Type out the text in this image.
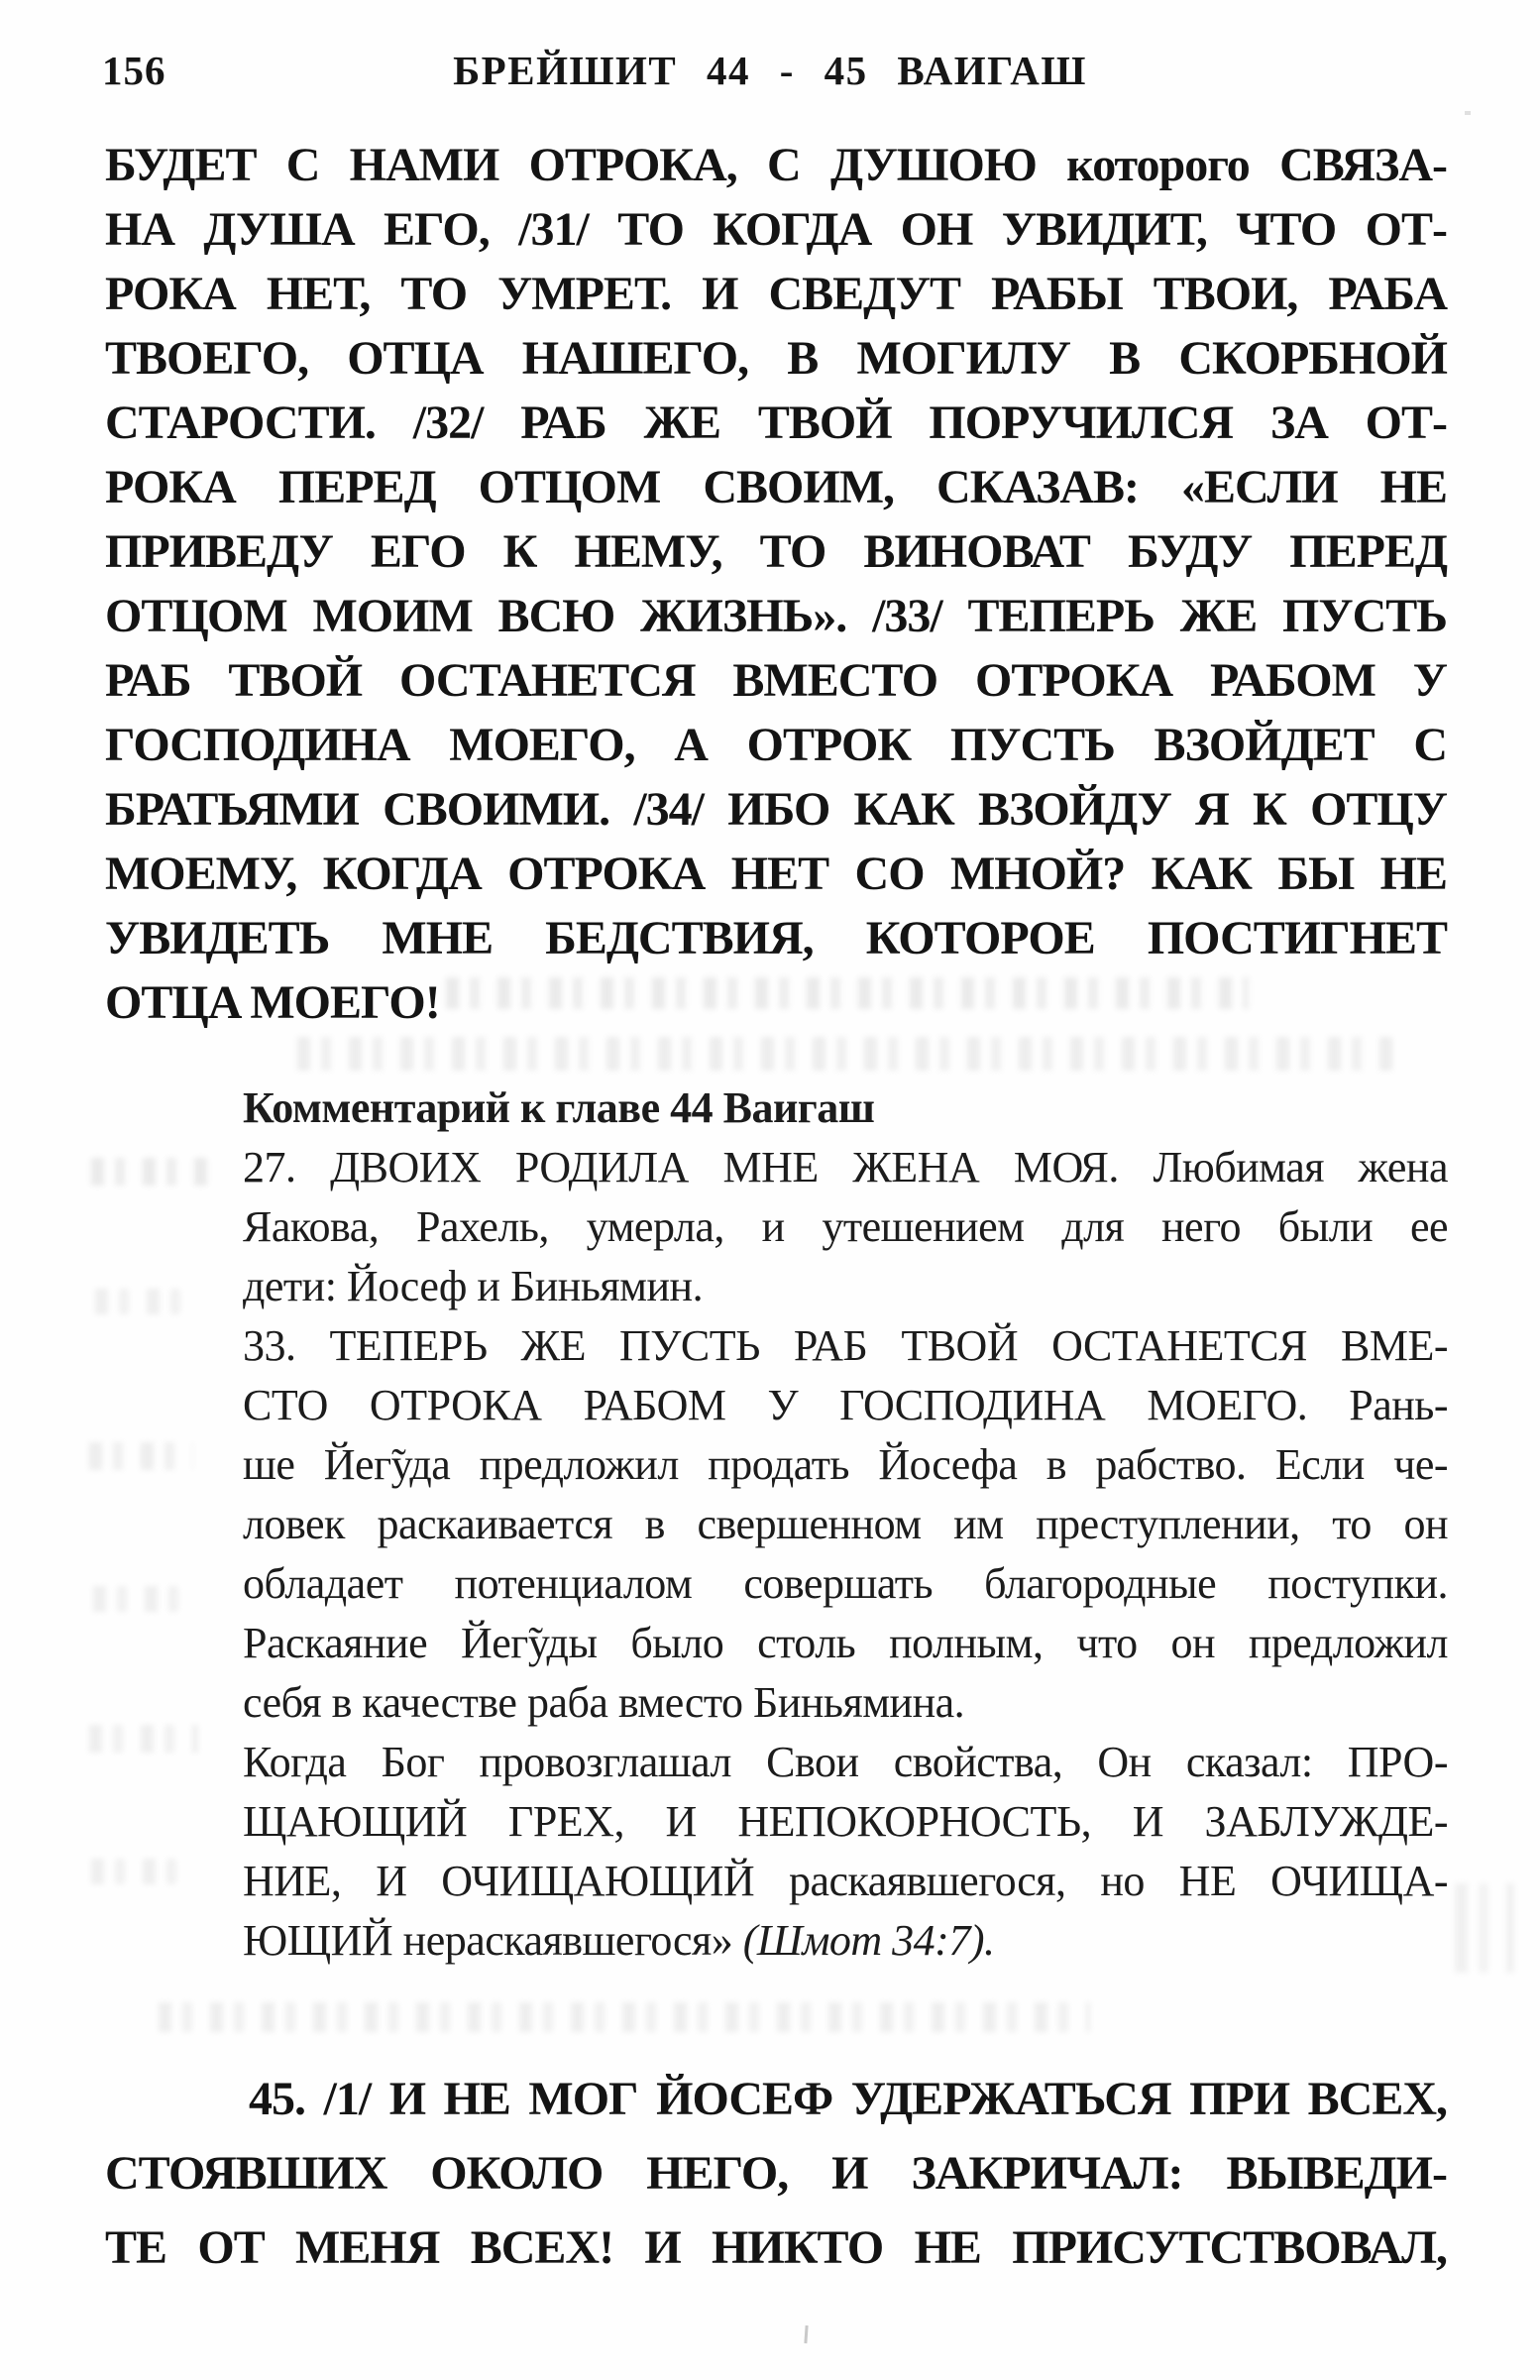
156	БРЕЙШИТ 44 - 45 ВАИГАШ
БУДЕТ С НАМИ ОТРОКА, С ДУШОЮ которого СВЯЗА-
НА ДУША ЕГО, /31/ ТО КОГДА ОН УВИДИТ, ЧТО ОТ-
РОКА НЕТ, ТО УМРЕТ. И СВЕДУТ РАБЫ ТВОИ, РАБА
ТВОЕГО, ОТЦА НАШЕГО, В МОГИЛУ В СКОРБНОЙ
СТАРОСТИ. /32/ РАБ ЖЕ ТВОЙ ПОРУЧИЛСЯ ЗА ОТ-
РОКА ПЕРЕД ОТЦОМ СВОИМ, СКАЗАВ: «ЕСЛИ НЕ
ПРИВЕДУ ЕГО К НЕМУ, ТО ВИНОВАТ БУДУ ПЕРЕД
ОТЦОМ МОИМ ВСЮ ЖИЗНЬ». /33/ ТЕПЕРЬ ЖЕ ПУСТЬ
РАБ ТВОЙ ОСТАНЕТСЯ ВМЕСТО ОТРОКА РАБОМ У
ГОСПОДИНА МОЕГО, А ОТРОК ПУСТЬ ВЗОЙДЕТ С
БРАТЬЯМИ СВОИМИ. /34/ ИБО КАК ВЗОЙДУ Я К ОТЦУ
МОЕМУ, КОГДА ОТРОКА НЕТ СО МНОЙ? КАК БЫ НЕ
УВИДЕТЬ МНЕ БЕДСТВИЯ, КОТОРОЕ ПОСТИГНЕТ
ОТЦА МОЕГО!
Комментарий к главе 44 Ваигаш
27. ДВОИХ РОДИЛА МНЕ ЖЕНА МОЯ. Любимая жена
Яакова, Рахель, умерла, и утешением для него были ее
дети: Йосеф и Биньямин.
33. ТЕПЕРЬ ЖЕ ПУСТЬ РАБ ТВОЙ ОСТАНЕТСЯ ВМЕ-
СТО ОТРОКА РАБОМ У ГОСПОДИНА МОЕГО. Рань-
ше Йег̃уда предложил продать Йосефа в рабство. Если че-
ловек раскаивается в свершенном им преступлении, то он
обладает потенциалом совершать благородные поступки.
Раскаяние Йег̃уды было столь полным, что он предложил
себя в качестве раба вместо Биньямина.
Когда Бог провозглашал Свои свойства, Он сказал: ПРО-
ЩАЮЩИЙ ГРЕХ, И НЕПОКОРНОСТЬ, И ЗАБЛУЖДЕ-
НИЕ, И ОЧИЩАЮЩИЙ раскаявшегося, но НЕ ОЧИЩА-
ЮЩИЙ нераскаявшегося» (Шмот 34:7).
45. /1/ И НЕ МОГ ЙОСЕФ УДЕРЖАТЬСЯ ПРИ ВСЕХ,
СТОЯВШИХ ОКОЛО НЕГО, И ЗАКРИЧАЛ: ВЫВЕДИ-
ТЕ ОТ МЕНЯ ВСЕХ! И НИКТО НЕ ПРИСУТСТВОВАЛ,
